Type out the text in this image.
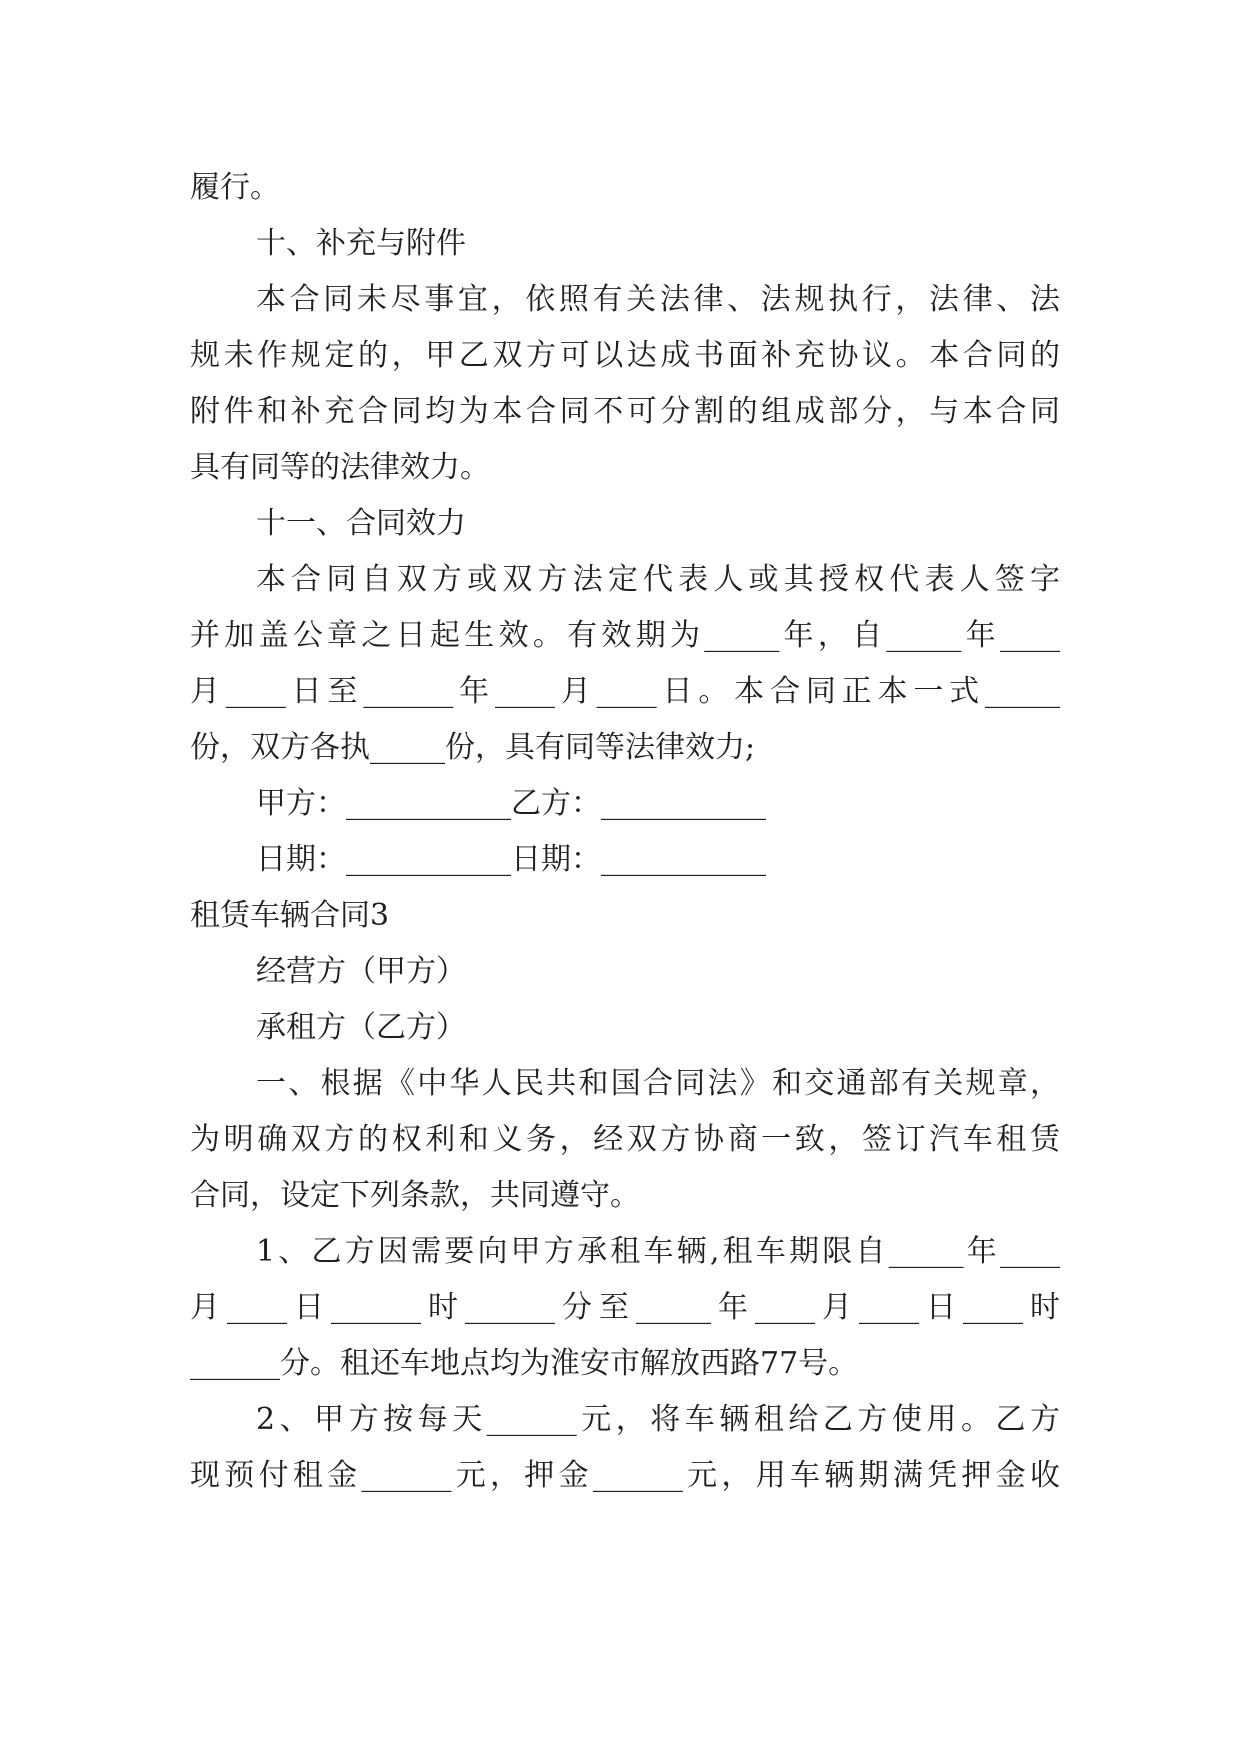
履行。
十、补充与附件
本合同未尽事宜，依照有关法律、法规执行，法律、法
规未作规定的，甲乙双方可以达成书面补充协议。本合同的
附件和补充合同均为本合同不可分割的组成部分，与本合同
具有同等的法律效力。
十一、合同效力
本合同自双方或双方法定代表人或其授权代表人签字
并加盖公章之日起生效。有效期为_____年，自_____年____
月____日至______年____月____日。本合同正本一式_____
份，双方各执_____份，具有同等法律效力;
甲方：___________乙方：___________
日期：___________日期：___________
租赁车辆合同3
经营方（甲方）
承租方（乙方）
一、根据《中华人民共和国合同法》和交通部有关规章，
为明确双方的权利和义务，经双方协商一致，签订汽车租赁
合同，设定下列条款，共同遵守。
1、乙方因需要向甲方承租车辆,租车期限自_____年____
月____日______时______分至_____年____月____日____时
______分。租还车地点均为淮安市解放西路77号。
2、甲方按每天______元，将车辆租给乙方使用。乙方
现预付租金______元，押金______元，用车辆期满凭押金收
